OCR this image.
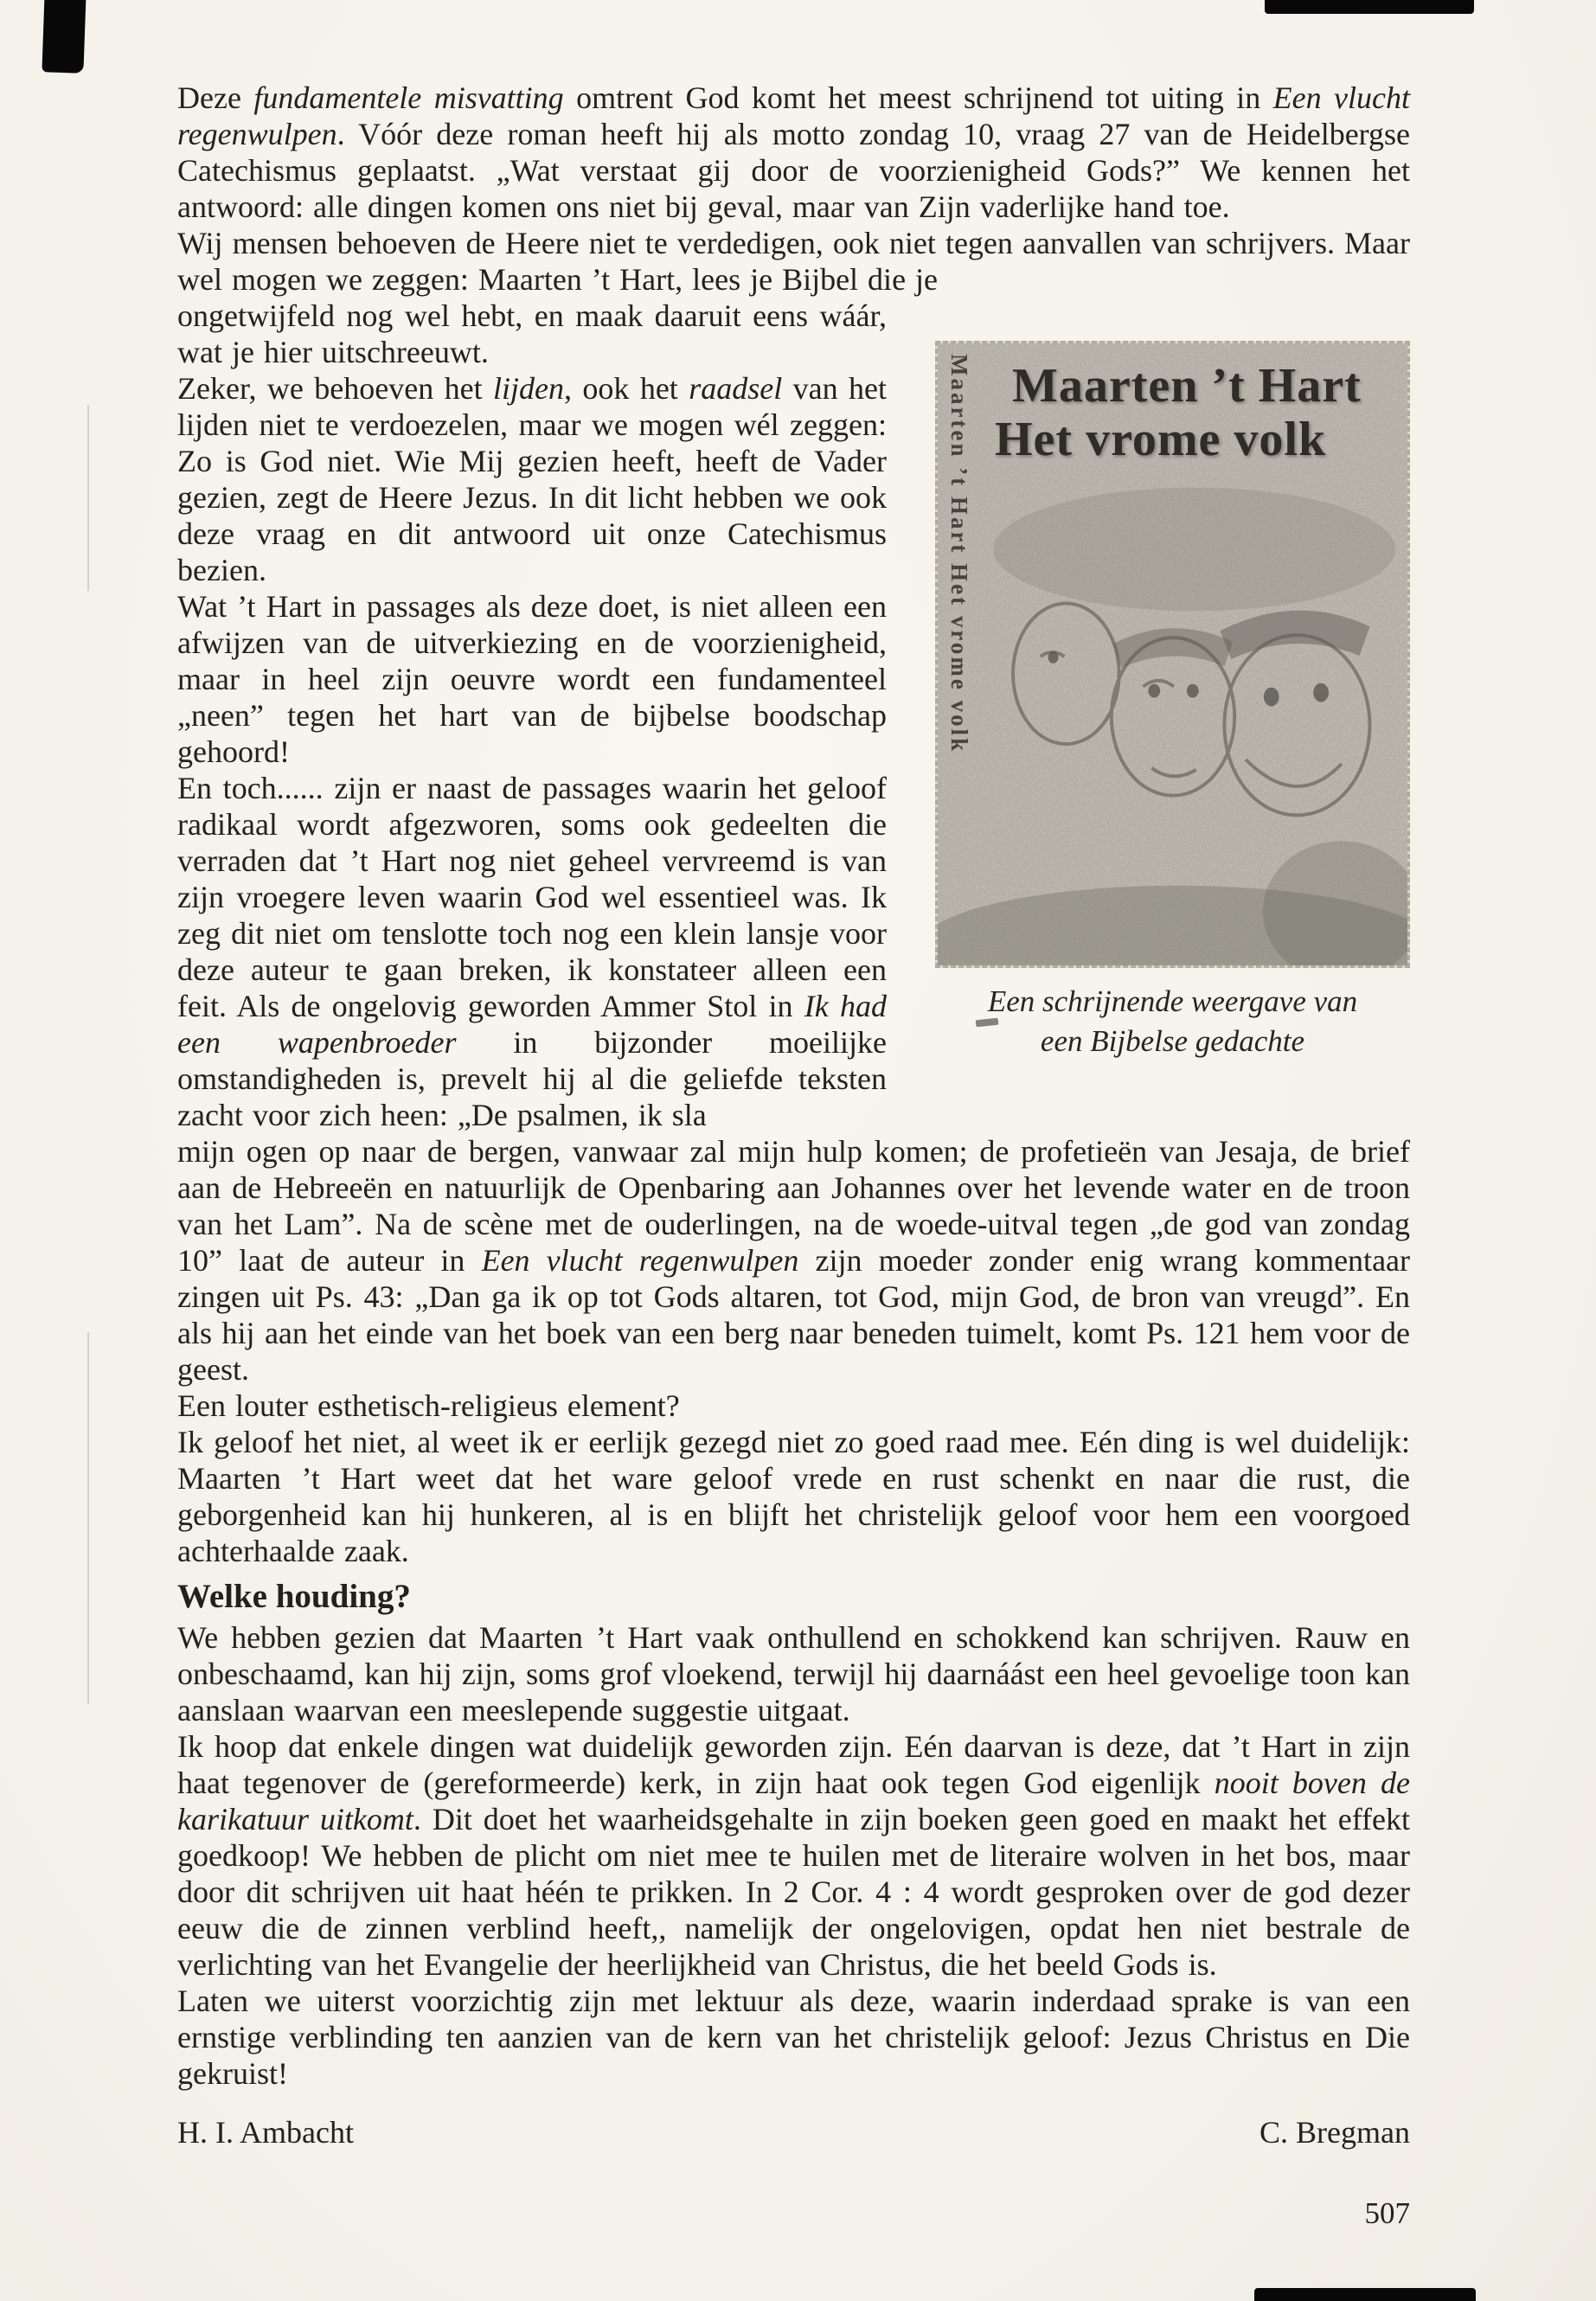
Deze fundamentele misvatting omtrent God komt het meest schrijnend tot uiting in Een vlucht regenwulpen. Vóór deze roman heeft hij als motto zondag 10, vraag 27 van de Heidelbergse Catechismus geplaatst. „Wat verstaat gij door de voorzienigheid Gods?” We kennen het antwoord: alle dingen komen ons niet bij geval, maar van Zijn vaderlijke hand toe.

Wij mensen behoeven de Heere niet te verdedigen, ook niet tegen aanvallen van schrijvers. Maar wel mogen we zeggen: Maarten ’t Hart, lees je Bijbel die je

ongetwijfeld nog wel hebt, en maak daaruit eens wáár, wat je hier uitschreeuwt.

Zeker, we behoeven het lijden, ook het raadsel van het lijden niet te verdoezelen, maar we mogen wél zeggen: Zo is God niet. Wie Mij gezien heeft, heeft de Vader gezien, zegt de Heere Jezus. In dit licht hebben we ook deze vraag en dit antwoord uit onze Catechismus bezien.

Wat ’t Hart in passages als deze doet, is niet alleen een afwijzen van de uitverkiezing en de voorzienigheid, maar in heel zijn oeuvre wordt een fundamenteel „neen” tegen het hart van de bijbelse boodschap gehoord!

En toch...... zijn er naast de passages waarin het geloof radikaal wordt afgezworen, soms ook gedeelten die verraden dat ’t Hart nog niet geheel vervreemd is van zijn vroegere leven waarin God wel essentieel was. Ik zeg dit niet om tenslotte toch nog een klein lansje voor deze auteur te gaan breken, ik konstateer alleen een feit. Als de ongelovig geworden Ammer Stol in Ik had een wapenbroeder in bijzonder moeilijke omstandigheden is, prevelt hij al die geliefde teksten zacht voor zich heen: „De psalmen, ik sla

Maarten ’t Hart Het vrome volk Maarten ’t Hart
Het vrome volk
Een schrijnende weergave van
een Bijbelse gedachte

mijn ogen op naar de bergen, vanwaar zal mijn hulp komen; de profetieën van Jesaja, de brief aan de Hebreeën en natuurlijk de Openbaring aan Johannes over het levende water en de troon van het Lam”. Na de scène met de ouderlingen, na de woede-uitval tegen „de god van zondag 10” laat de auteur in Een vlucht regenwulpen zijn moeder zonder enig wrang kommentaar zingen uit Ps. 43: „Dan ga ik op tot Gods altaren, tot God, mijn God, de bron van vreugd”. En als hij aan het einde van het boek van een berg naar beneden tuimelt, komt Ps. 121 hem voor de geest.

Een louter esthetisch-religieus element?

Ik geloof het niet, al weet ik er eerlijk gezegd niet zo goed raad mee. Eén ding is wel duidelijk: Maarten ’t Hart weet dat het ware geloof vrede en rust schenkt en naar die rust, die geborgenheid kan hij hunkeren, al is en blijft het christelijk geloof voor hem een voorgoed achterhaalde zaak.

Welke houding?

We hebben gezien dat Maarten ’t Hart vaak onthullend en schokkend kan schrijven. Rauw en onbeschaamd, kan hij zijn, soms grof vloekend, terwijl hij daarnáást een heel gevoelige toon kan aanslaan waarvan een meeslepende suggestie uitgaat.

Ik hoop dat enkele dingen wat duidelijk geworden zijn. Eén daarvan is deze, dat ’t Hart in zijn haat tegenover de (gereformeerde) kerk, in zijn haat ook tegen God eigenlijk nooit boven de karikatuur uitkomt. Dit doet het waarheidsgehalte in zijn boeken geen goed en maakt het effekt goedkoop! We hebben de plicht om niet mee te huilen met de literaire wolven in het bos, maar door dit schrijven uit haat héén te prikken. In 2 Cor. 4 : 4 wordt gesproken over de god dezer eeuw die de zinnen verblind heeft,, namelijk der ongelovigen, opdat hen niet bestrale de verlichting van het Evangelie der heerlijkheid van Christus, die het beeld Gods is.

Laten we uiterst voorzichtig zijn met lektuur als deze, waarin inderdaad sprake is van een ernstige verblinding ten aanzien van de kern van het christelijk geloof: Jezus Christus en Die gekruist!

H. I. Ambacht	C. Bregman
507
